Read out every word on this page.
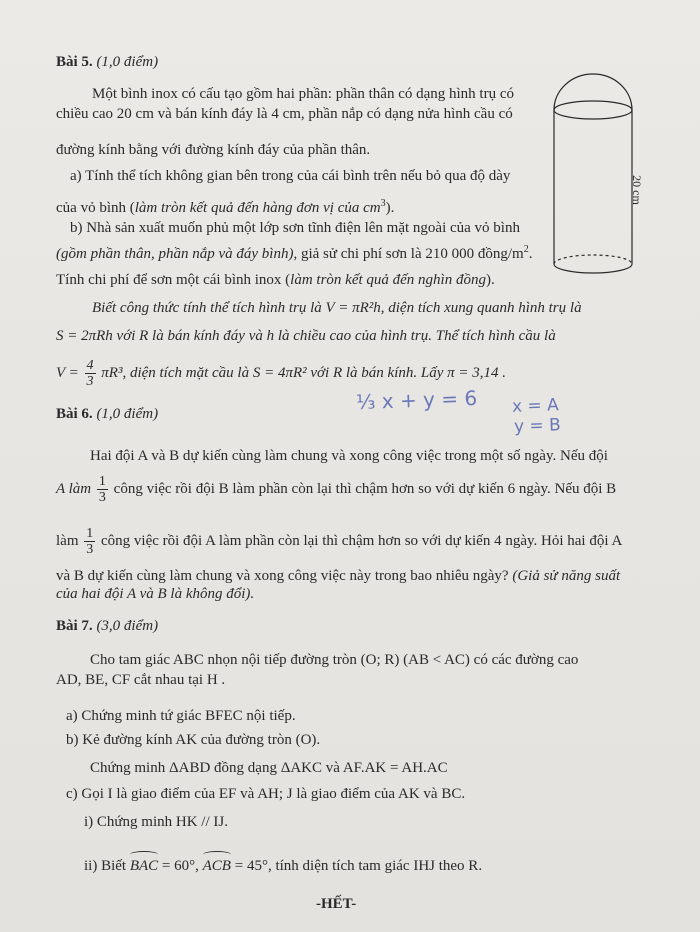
Bài 5. (1,0 điểm)
Một bình inox có cấu tạo gồm hai phần: phần thân có dạng hình trụ có
chiều cao 20 cm và bán kính đáy là 4 cm, phần nắp có dạng nửa hình cầu có
đường kính bằng với đường kính đáy của phần thân.
a) Tính thể tích không gian bên trong của cái bình trên nếu bỏ qua độ dày
của vỏ bình (làm tròn kết quả đến hàng đơn vị của $cm^3$).
b) Nhà sản xuất muốn phủ một lớp sơn tĩnh điện lên mặt ngoài của vỏ bình
(gồm phần thân, phần nắp và đáy bình), giả sử chi phí sơn là 210 000 đồng/$m^2$.
Tính chi phí để sơn một cái bình inox (làm tròn kết quả đến nghìn đồng).
Biết công thức tính thể tích hình trụ là V = πR²h, diện tích xung quanh hình trụ là
S = 2πRh với R là bán kính đáy và h là chiều cao của hình trụ. Thể tích hình cầu là
$V = \frac{4}{3} \pi R^3$, diện tích mặt cầu là S = 4πR² với R là bán kính. Lấy π = 3,14 .
20 cm
Bài 6. (1,0 điểm)	⅓ x + y = 6 x = A
y = B
Hai đội A và B dự kiến cùng làm chung và xong công việc trong một số ngày. Nếu đội
A làm $\frac{1}{3}$ công việc rồi đội B làm phần còn lại thì chậm hơn so với dự kiến 6 ngày. Nếu đội B
làm $\frac{1}{3}$ công việc rồi đội A làm phần còn lại thì chậm hơn so với dự kiến 4 ngày. Hỏi hai đội A
và B dự kiến cùng làm chung và xong công việc này trong bao nhiêu ngày? (Giả sử năng suất
của hai đội A và B là không đổi).
Bài 7. (3,0 điểm)
Cho tam giác ABC nhọn nội tiếp đường tròn (O; R) (AB < AC) có các đường cao
AD, BE, CF cắt nhau tại H .
a) Chứng minh tứ giác BFEC nội tiếp.
b) Kẻ đường kính AK của đường tròn (O).
Chứng minh ΔABD đồng dạng ΔAKC và AF.AK = AH.AC
c) Gọi I là giao điểm của EF và AH; J là giao điểm của AK và BC.
i) Chứng minh HK // IJ.
ii) Biết BAC = 60°, ACB = 45°, tính diện tích tam giác IHJ theo R.
-HẾT-
